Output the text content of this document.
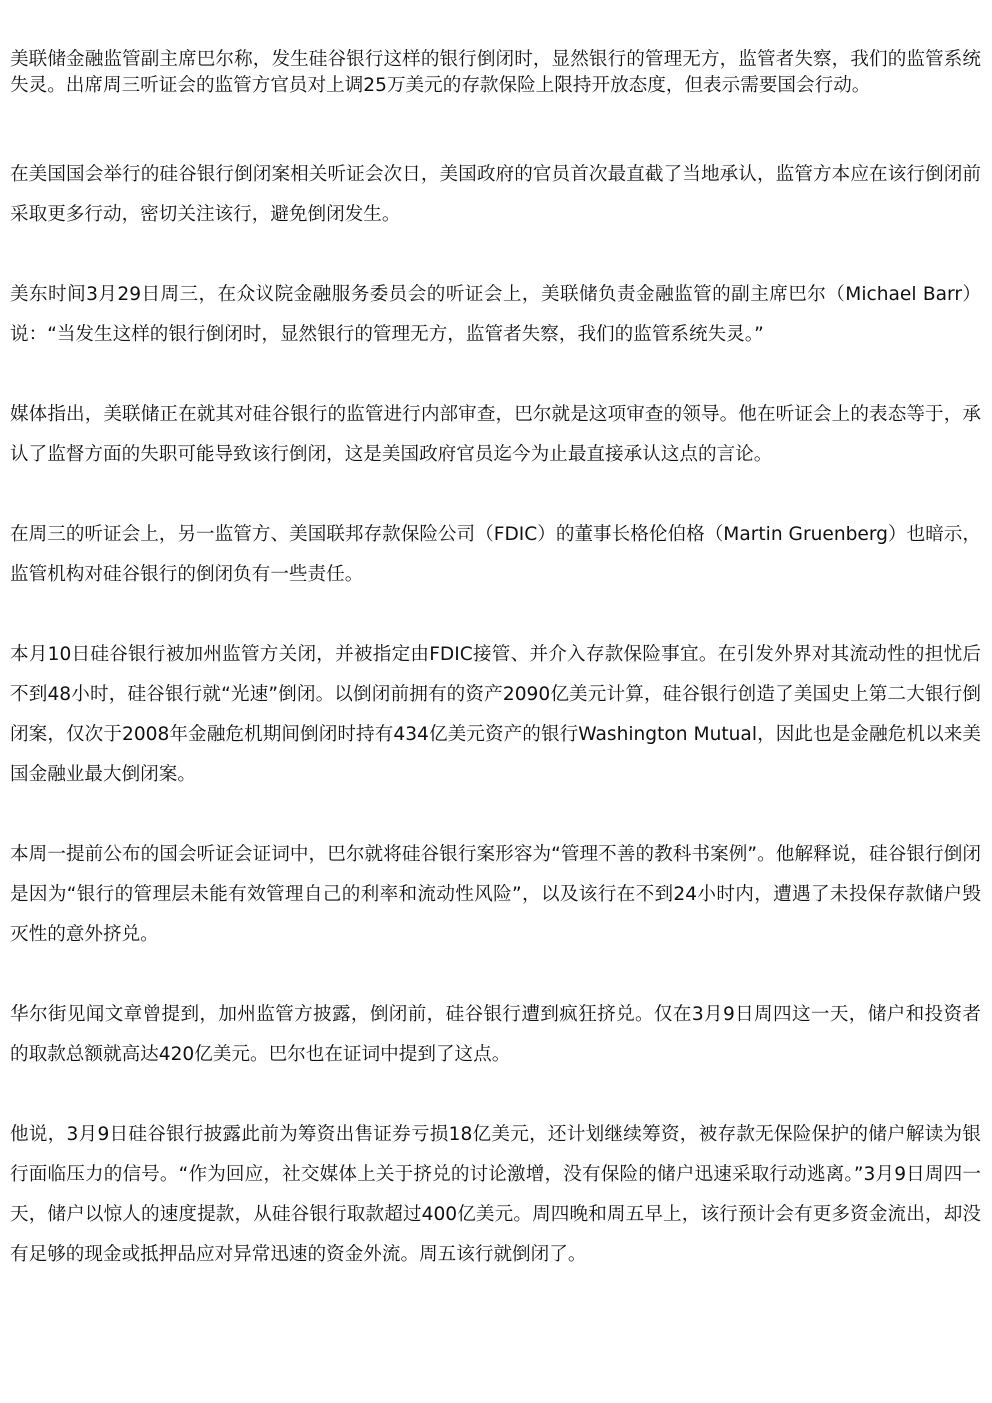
美联储金融监管副主席巴尔称，发生硅谷银行这样的银行倒闭时，显然银行的管理无方，监管者失察，我们的监管系统失灵。出席周三听证会的监管方官员对上调25万美元的存款保险上限持开放态度，但表示需要国会行动。

在美国国会举行的硅谷银行倒闭案相关听证会次日，美国政府的官员首次最直截了当地承认，监管方本应在该行倒闭前采取更多行动，密切关注该行，避免倒闭发生。

美东时间3月29日周三，在众议院金融服务委员会的听证会上，美联储负责金融监管的副主席巴尔（Michael Barr）说：“当发生这样的银行倒闭时，显然银行的管理无方，监管者失察，我们的监管系统失灵。”

媒体指出，美联储正在就其对硅谷银行的监管进行内部审查，巴尔就是这项审查的领导。他在听证会上的表态等于，承认了监督方面的失职可能导致该行倒闭，这是美国政府官员迄今为止最直接承认这点的言论。

在周三的听证会上，另一监管方、美国联邦存款保险公司（FDIC）的董事长格伦伯格（Martin Gruenberg）也暗示，监管机构对硅谷银行的倒闭负有一些责任。

本月10日硅谷银行被加州监管方关闭，并被指定由FDIC接管、并介入存款保险事宜。在引发外界对其流动性的担忧后不到48小时，硅谷银行就“光速”倒闭。以倒闭前拥有的资产2090亿美元计算，硅谷银行创造了美国史上第二大银行倒闭案，仅次于2008年金融危机期间倒闭时持有434亿美元资产的银行Washington Mutual，因此也是金融危机以来美国金融业最大倒闭案。

本周一提前公布的国会听证会证词中，巴尔就将硅谷银行案形容为“管理不善的教科书案例”。他解释说，硅谷银行倒闭是因为“银行的管理层未能有效管理自己的利率和流动性风险”，以及该行在不到24小时内，遭遇了未投保存款储户毁灭性的意外挤兑。

华尔街见闻文章曾提到，加州监管方披露，倒闭前，硅谷银行遭到疯狂挤兑。仅在3月9日周四这一天，储户和投资者的取款总额就高达420亿美元。巴尔也在证词中提到了这点。

他说，3月9日硅谷银行披露此前为筹资出售证券亏损18亿美元，还计划继续筹资，被存款无保险保护的储户解读为银行面临压力的信号。“作为回应，社交媒体上关于挤兑的讨论激增，没有保险的储户迅速采取行动逃离。”3月9日周四一天，储户以惊人的速度提款，从硅谷银行取款超过400亿美元。周四晚和周五早上，该行预计会有更多资金流出，却没有足够的现金或抵押品应对异常迅速的资金外流。周五该行就倒闭了。
